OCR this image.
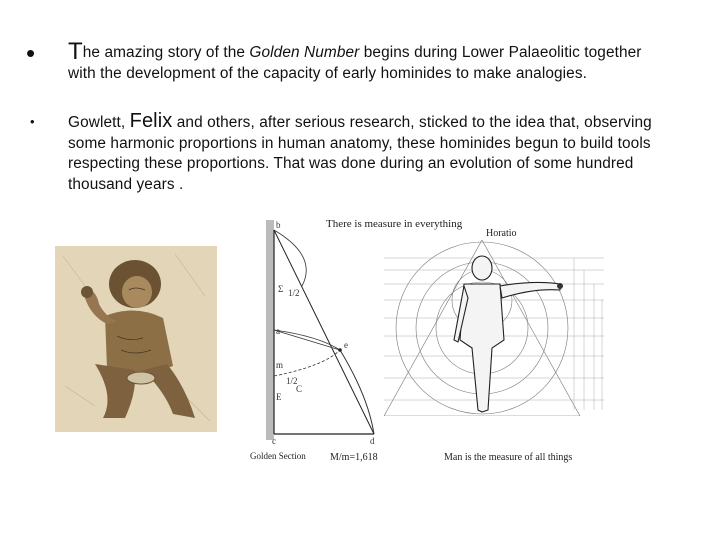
•
•
The amazing story of the Golden Number begins during Lower Palaeolitic together with the development of the capacity of early hominides to make analogies.
Gowlett, Felix and others, after serious research, sticked to the idea that, observing some harmonic proportions in human anatomy, these hominides begun to build tools respecting these proportions. That was done during an evolution of some hundred thousand years .
b
Σ 1/2
a
m
1/2
C
E
c	d
e
There is measure in everything
Horatio
Golden Section M/m=1,618	Man is the measure of all things
